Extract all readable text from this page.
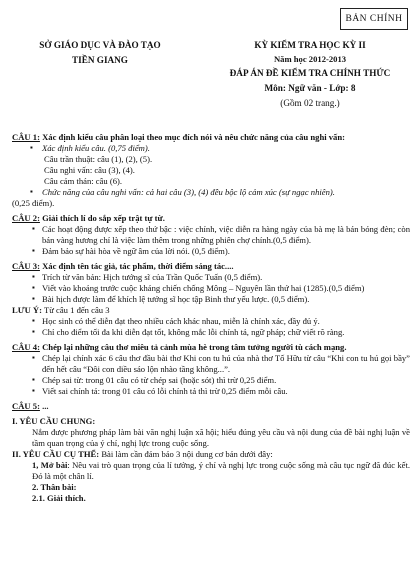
BẢN CHÍNH

SỞ GIÁO DỤC VÀ ĐÀO TẠO

TIỀN GIANG

KỲ KIỂM TRA HỌC KỲ II

Năm học 2012-2013

ĐÁP ÁN ĐỀ KIỂM TRA CHÍNH THỨC

Môn: Ngữ văn - Lớp: 8

(Gồm 02 trang.)

CÂU 1: Xác định kiểu câu phân loại theo mục đích nói và nêu chức năng của câu nghi vấn:

▪ Xác định kiểu câu. (0,75 điểm).

Câu trần thuật: câu (1), (2), (5).

Câu nghi vấn: câu (3), (4).

Câu cảm thán: câu (6).

▪ Chức năng của câu nghi vấn: cả hai câu (3), (4) đều bộc lộ cảm xúc (sự ngạc nhiên).

(0,25 điểm).

CÂU 2: Giải thích lí do sắp xếp trật tự từ.

▪ Các hoạt động được xếp theo thứ bậc : việc chính, việc diễn ra hàng ngày của bà mẹ là bán bóng đèn; còn bán vàng hương chỉ là việc làm thêm trong những phiên chợ chính.(0,5 điểm).

▪ Đảm bảo sự hài hòa về ngữ âm của lời nói. (0,5 điểm).

CÂU 3: Xác định tên tác giả, tác phẩm, thời điểm sáng tác....

▪ Trích từ văn bản: Hịch tướng sĩ của Trần Quốc Tuấn (0,5 điểm).

▪ Viết vào khoảng trước cuộc kháng chiến chống Mông – Nguyên lần thứ hai (1285).(0,5 điểm)

▪ Bài hịch được làm để khích lệ tướng sĩ học tập Binh thư yếu lược. (0,5 điểm).

LƯU Ý: Từ câu 1 đến câu 3

▪ Học sinh có thể diễn đạt theo nhiều cách khác nhau, miễn là chính xác, đầy đủ ý.

▪ Chỉ cho điểm tối đa khi diễn đạt tốt, không mắc lỗi chính tả, ngữ pháp; chữ viết rõ ràng.

CÂU 4: Chép lại những câu thơ miêu tả cảnh mùa hè trong tâm tưởng người tù cách mạng.

▪ Chép lại chính xác 6 câu thơ đầu bài thơ Khi con tu hú của nhà thơ Tố Hữu từ câu “Khi con tu hú gọi bầy” đến hết câu “Đôi con diều sáo lộn nhào tầng không...”.

▪ Chép sai từ: trong 01 câu có từ chép sai (hoặc sót) thì trừ 0,25 điểm.

▪ Viết sai chính tả: trong 01 câu có lỗi chính tả thì trừ 0,25 điểm mỗi câu.

CÂU 5: ...

I. YÊU CẦU CHUNG:

Nắm được phương pháp làm bài văn nghị luận xã hội; hiểu đúng yêu cầu và nội dung của đề bài nghị luận về tầm quan trọng của ý chí, nghị lực trong cuộc sống.

II. YÊU CẦU CỤ THỂ: Bài làm cần đảm bảo 3 nội dung cơ bản dưới đây:

1, Mở bài: Nêu vai trò quan trọng của lí tưởng, ý chí và nghị lực trong cuộc sống mà câu tục ngữ đã đúc kết. Đó là một chân lí.

2. Thân bài:

2.1. Giải thích.
